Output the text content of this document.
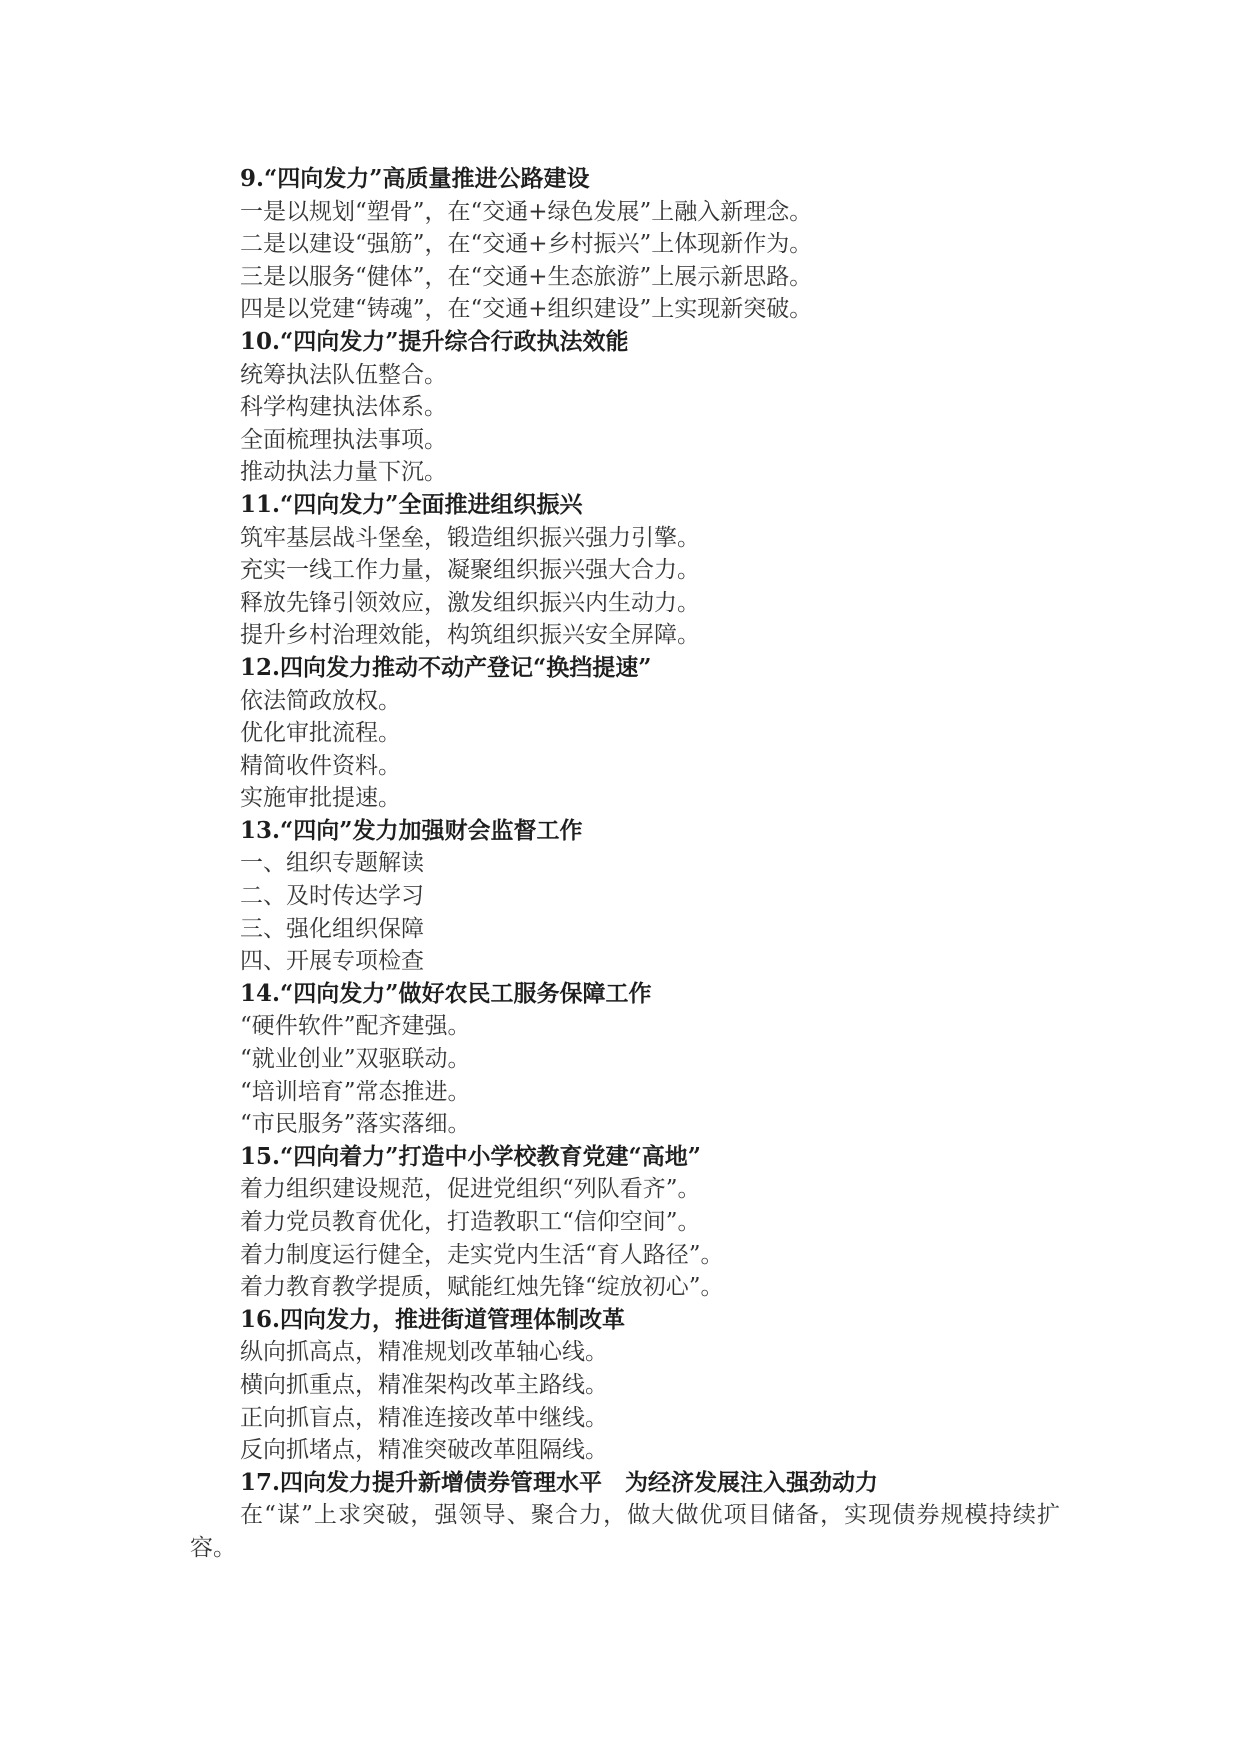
9.“四向发力”高质量推进公路建设
一是以规划“塑骨”，在“交通+绿色发展”上融入新理念。
二是以建设“强筋”，在“交通+乡村振兴”上体现新作为。
三是以服务“健体”，在“交通+生态旅游”上展示新思路。
四是以党建“铸魂”，在“交通+组织建设”上实现新突破。
10.“四向发力”提升综合行政执法效能
统筹执法队伍整合。
科学构建执法体系。
全面梳理执法事项。
推动执法力量下沉。
11.“四向发力”全面推进组织振兴
筑牢基层战斗堡垒，锻造组织振兴强力引擎。
充实一线工作力量，凝聚组织振兴强大合力。
释放先锋引领效应，激发组织振兴内生动力。
提升乡村治理效能，构筑组织振兴安全屏障。
12.四向发力推动不动产登记“换挡提速”
依法简政放权。
优化审批流程。
精简收件资料。
实施审批提速。
13.“四向”发力加强财会监督工作
一、组织专题解读
二、及时传达学习
三、强化组织保障
四、开展专项检查
14.“四向发力”做好农民工服务保障工作
“硬件软件”配齐建强。
“就业创业”双驱联动。
“培训培育”常态推进。
“市民服务”落实落细。
15.“四向着力”打造中小学校教育党建“高地”
着力组织建设规范，促进党组织“列队看齐”。
着力党员教育优化，打造教职工“信仰空间”。
着力制度运行健全，走实党内生活“育人路径”。
着力教育教学提质，赋能红烛先锋“绽放初心”。
16.四向发力，推进街道管理体制改革
纵向抓高点，精准规划改革轴心线。
横向抓重点，精准架构改革主路线。
正向抓盲点，精准连接改革中继线。
反向抓堵点，精准突破改革阻隔线。
17.四向发力提升新增债券管理水平　为经济发展注入强劲动力
在“谋”上求突破，强领导、聚合力，做大做优项目储备，实现债券规模持续扩容。
